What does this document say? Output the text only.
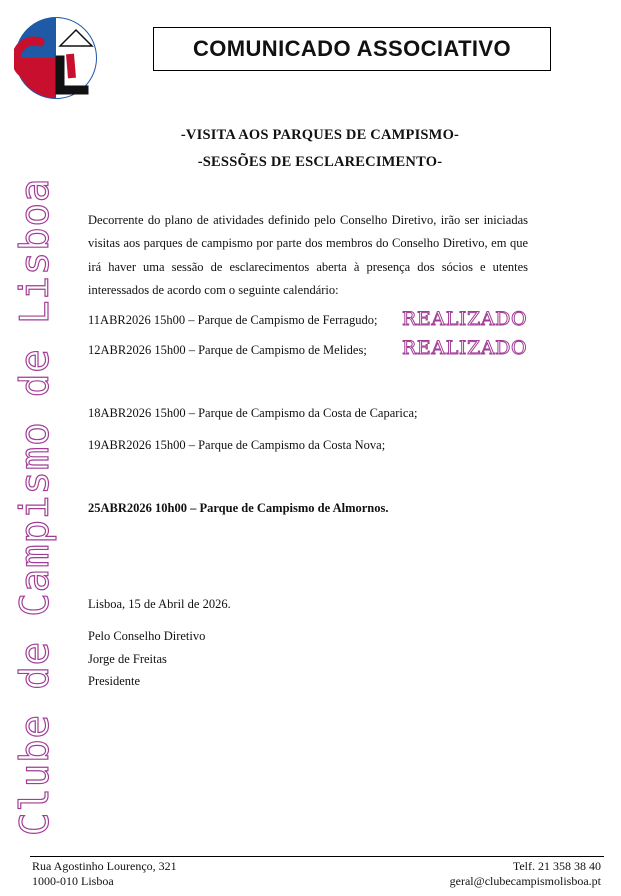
COMUNICADO ASSOCIATIVO
Clube de Campismo de Lisboa
-VISITA AOS PARQUES DE CAMPISMO-
-SESSÕES DE ESCLARECIMENTO-
Decorrente do plano de atividades definido pelo Conselho Diretivo, irão ser iniciadas visitas aos parques de campismo por parte dos membros do Conselho Diretivo, em que irá haver uma sessão de esclarecimentos aberta à presença dos sócios e utentes interessados de acordo com o seguinte calendário:
11ABR2026 15h00 – Parque de Campismo de Ferragudo; REALIZADO
12ABR2026 15h00 – Parque de Campismo de Melides; REALIZADO
18ABR2026 15h00 – Parque de Campismo da Costa de Caparica;
19ABR2026 15h00 – Parque de Campismo da Costa Nova;
25ABR2026 10h00 – Parque de Campismo de Almornos.
Lisboa, 15 de Abril de 2026.
Pelo Conselho Diretivo
Jorge de Freitas
Presidente
Rua Agostinho Lourenço, 321
1000-010 Lisboa
Telf. 21 358 38 40
geral@clubecampismolisboa.pt
